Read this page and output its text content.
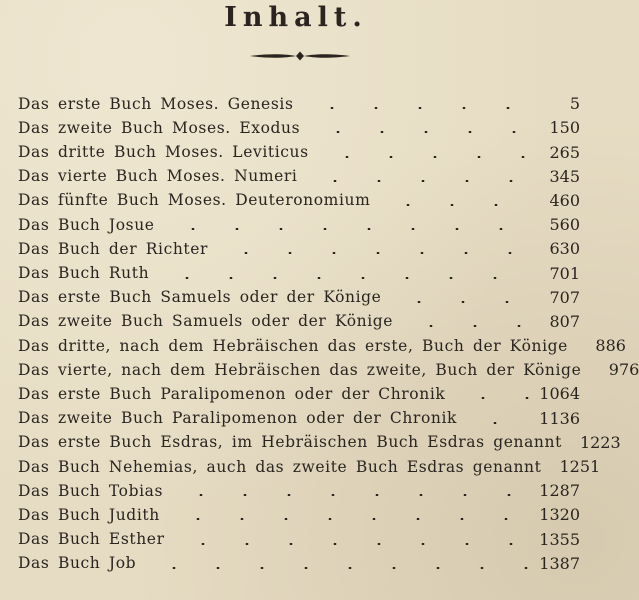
Inhalt.
Das erste Buch Moses. Genesis	5
Das zweite Buch Moses. Exodus	150
Das dritte Buch Moses. Leviticus	265
Das vierte Buch Moses. Numeri	345
Das fünfte Buch Moses. Deuteronomium	460
Das Buch Josue	560
Das Buch der Richter	630
Das Buch Ruth	701
Das erste Buch Samuels oder der Könige	707
Das zweite Buch Samuels oder der Könige	807
Das dritte, nach dem Hebräischen das erste, Buch der Könige	886
Das vierte, nach dem Hebräischen das zweite, Buch der Könige	976
Das erste Buch Paralipomenon oder der Chronik	1064
Das zweite Buch Paralipomenon oder der Chronik	1136
Das erste Buch Esdras, im Hebräischen Buch Esdras genannt 1223
Das Buch Nehemias, auch das zweite Buch Esdras genannt 1251
Das Buch Tobias	1287
Das Buch Judith	1320
Das Buch Esther	1355
Das Buch Job	1387
